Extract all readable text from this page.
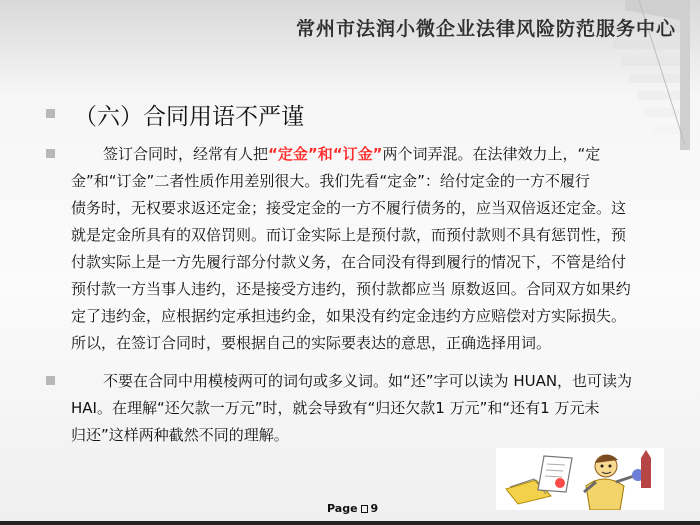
常州市法润小微企业法律风险防范服务中心
（六）合同用语不严谨
签订合同时，经常有人把“定金”和“订金”两个词弄混。在法律效力上，“定
金”和“订金”二者性质作用差别很大。我们先看“定金”：给付定金的一方不履行
债务时，无权要求返还定金；接受定金的一方不履行债务的，应当双倍返还定金。这
就是定金所具有的双倍罚则。而订金实际上是预付款，而预付款则不具有惩罚性，预
付款实际上是一方先履行部分付款义务，在合同没有得到履行的情况下，不管是给付
预付款一方当事人违约，还是接受方违约，预付款都应当 原数返回。合同双方如果约
定了违约金，应根据约定承担违约金，如果没有约定金违约方应赔偿对方实际损失。
所以，在签订合同时，要根据自己的实际要表达的意思，正确选择用词。
不要在合同中用模棱两可的词句或多义词。如“还”字可以读为 HUAN，也可读为
HAI。在理解“还欠款一万元”时，就会导致有“归还欠款1 万元”和“还有1 万元未
归还”这样两种截然不同的理解。
Page 9
